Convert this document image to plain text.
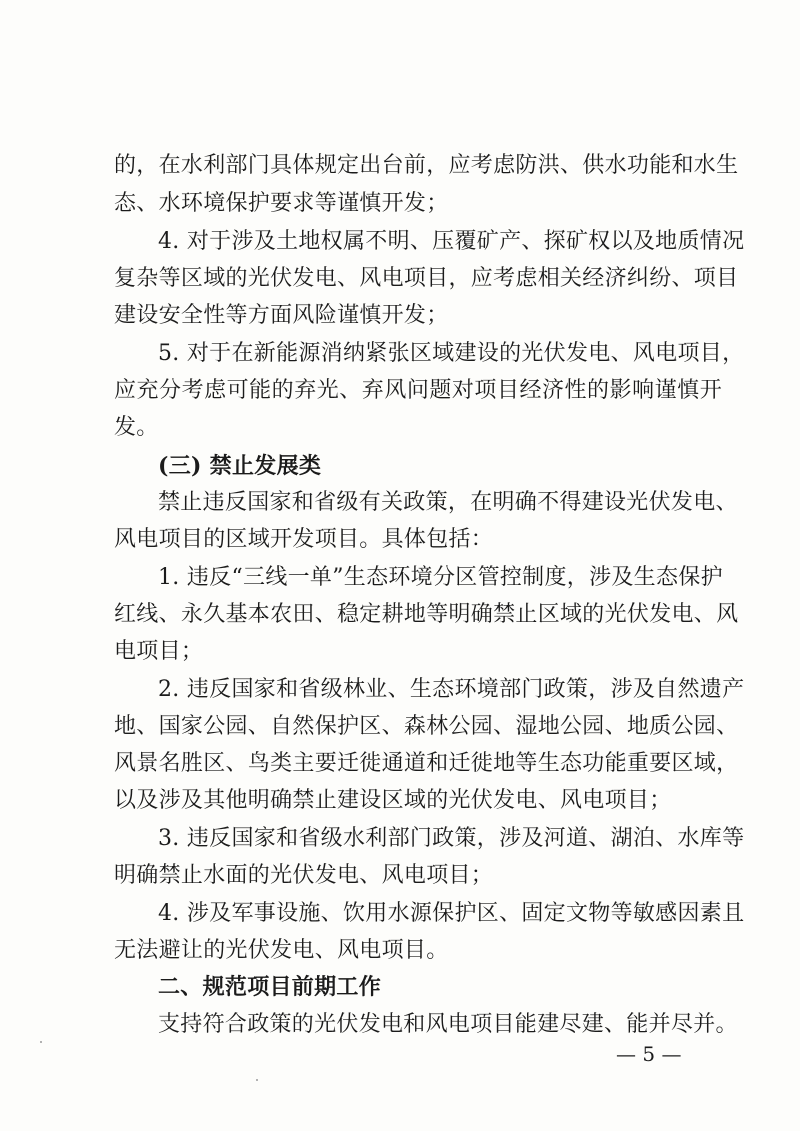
的，在水利部门具体规定出台前，应考虑防洪、供水功能和水生
态、水环境保护要求等谨慎开发；
4. 对于涉及土地权属不明、压覆矿产、探矿权以及地质情况
复杂等区域的光伏发电、风电项目，应考虑相关经济纠纷、项目
建设安全性等方面风险谨慎开发；
5. 对于在新能源消纳紧张区域建设的光伏发电、风电项目，
应充分考虑可能的弃光、弃风问题对项目经济性的影响谨慎开
发。
(三) 禁止发展类
禁止违反国家和省级有关政策，在明确不得建设光伏发电、
风电项目的区域开发项目。具体包括：
1. 违反“三线一单”生态环境分区管控制度，涉及生态保护
红线、永久基本农田、稳定耕地等明确禁止区域的光伏发电、风
电项目；
2. 违反国家和省级林业、生态环境部门政策，涉及自然遗产
地、国家公园、自然保护区、森林公园、湿地公园、地质公园、
风景名胜区、鸟类主要迁徙通道和迁徙地等生态功能重要区域，
以及涉及其他明确禁止建设区域的光伏发电、风电项目；
3. 违反国家和省级水利部门政策，涉及河道、湖泊、水库等
明确禁止水面的光伏发电、风电项目；
4. 涉及军事设施、饮用水源保护区、固定文物等敏感因素且
无法避让的光伏发电、风电项目。
二、规范项目前期工作
支持符合政策的光伏发电和风电项目能建尽建、能并尽并。
— 5 —
